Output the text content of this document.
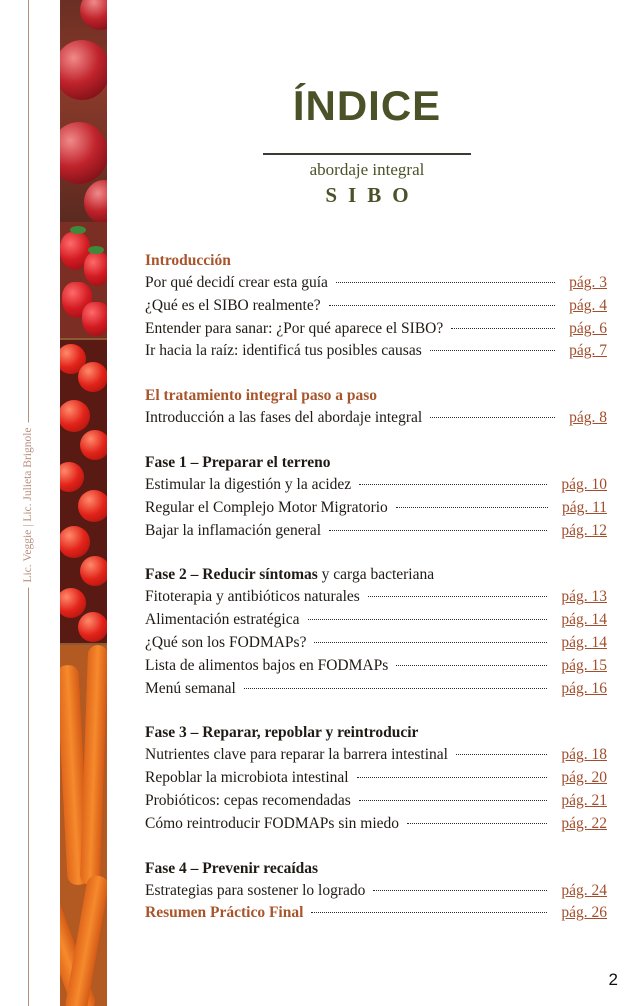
Lic. Veggie | Lic. Julieta Brignole
ÍNDICE
abordaje integral
SIBO
Introducción
Por qué decidí crear esta guía	pág. 3
¿Qué es el SIBO realmente?	pág. 4
Entender para sanar: ¿Por qué aparece el SIBO?	pág. 6
Ir hacia la raíz: identificá tus posibles causas	pág. 7
El tratamiento integral paso a paso
Introducción a las fases del abordaje integral	pág. 8
Fase 1 – Preparar el terreno
Estimular la digestión y la acidez	pág. 10
Regular el Complejo Motor Migratorio	pág. 11
Bajar la inflamación general	pág. 12
Fase 2 – Reducir síntomas y carga bacteriana
Fitoterapia y antibióticos naturales	pág. 13
Alimentación estratégica	pág. 14
¿Qué son los FODMAPs?	pág. 14
Lista de alimentos bajos en FODMAPs	pág. 15
Menú semanal	pág. 16
Fase 3 – Reparar, repoblar y reintroducir
Nutrientes clave para reparar la barrera intestinal	pág. 18
Repoblar la microbiota intestinal	pág. 20
Probióticos: cepas recomendadas	pág. 21
Cómo reintroducir FODMAPs sin miedo	pág. 22
Fase 4 – Prevenir recaídas
Estrategias para sostener lo logrado	pág. 24
Resumen Práctico Final	pág. 26
2
